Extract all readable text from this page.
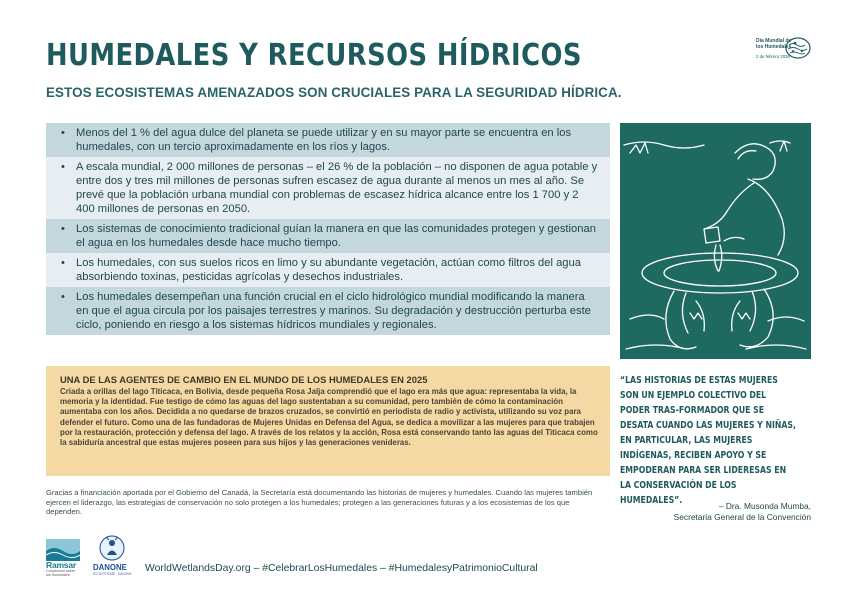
HUMEDALES Y RECURSOS HÍDRICOS
ESTOS ECOSISTEMAS AMENAZADOS SON CRUCIALES PARA LA SEGURIDAD HÍDRICA.
Día Mundial de
los Humedales
2 de febrero 2026
• Menos del 1 % del agua dulce del planeta se puede utilizar y en su mayor parte se encuentra en los humedales, con un tercio aproximadamente en los ríos y lagos.
• A escala mundial, 2 000 millones de personas – el 26 % de la población – no disponen de agua potable y entre dos y tres mil millones de personas sufren escasez de agua durante al menos un mes al año. Se prevé que la población urbana mundial con problemas de escasez hídrica alcance entre los 1 700 y 2 400 millones de personas en 2050.
• Los sistemas de conocimiento tradicional guían la manera en que las comunidades protegen y gestionan el agua en los humedales desde hace mucho tiempo.
• Los humedales, con sus suelos ricos en limo y su abundante vegetación, actúan como filtros del agua absorbiendo toxinas, pesticidas agrícolas y desechos industriales.
• Los humedales desempeñan una función crucial en el ciclo hidrológico mundial modificando la manera en que el agua circula por los paisajes terrestres y marinos. Su degradación y destrucción perturba este ciclo, poniendo en riesgo a los sistemas hídricos mundiales y regionales.
UNA DE LAS AGENTES DE CAMBIO EN EL MUNDO DE LOS HUMEDALES EN 2025
Criada a orillas del lago Titicaca, en Bolivia, desde pequeña Rosa Jalja comprendió que el lago era más que agua: representaba la vida, la memoria y la identidad. Fue testigo de cómo las aguas del lago sustentaban a su comunidad, pero también de cómo la contaminación aumentaba con los años. Decidida a no quedarse de brazos cruzados, se convirtió en periodista de radio y activista, utilizando su voz para defender el futuro. Como una de las fundadoras de Mujeres Unidas en Defensa del Agua, se dedica a movilizar a las mujeres para que trabajen por la restauración, protección y defensa del lago. A través de los relatos y la acción, Rosa está conservando tanto las aguas del Titicaca como la sabiduría ancestral que estas mujeres poseen para sus hijos y las generaciones venideras.
“LAS HISTORIAS DE ESTAS MUJERES SON UN EJEMPLO COLECTIVO DEL PODER TRAS-FORMADOR QUE SE DESATA CUANDO LAS MUJERES Y NIÑAS, EN PARTICULAR, LAS MUJERES INDÍGENAS, RECIBEN APOYO Y SE EMPODERAN PARA SER LIDERESAS EN LA CONSERVACIÓN DE LOS HUMEDALES”.	– Dra. Musonda Mumba,
Secretaria General de la Convención
Gracias a financiación aportada por el Gobierno del Canadá, la Secretaría está documentando las historias de mujeres y humedales. Cuando las mujeres también ejercen el liderazgo, las estrategias de conservación no solo protegen a los humedales; protegen a las generaciones futuras y a los ecosistemas de los que dependen.
Ramsar
Convención sobre los Humedales
DANONE
ECOSYSTEME · DANONE WorldWetlandsDay.org – #CelebrarLosHumedales – #HumedalesyPatrimonioCultural
